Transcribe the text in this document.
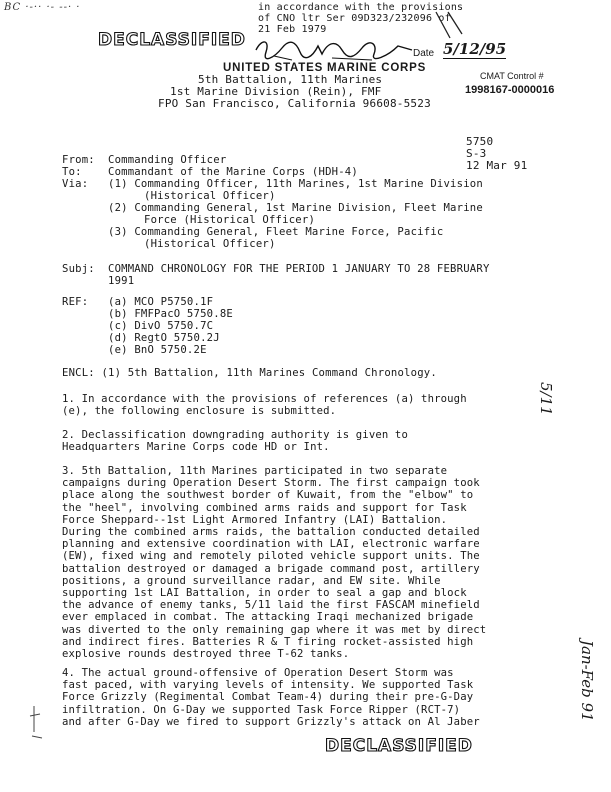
BC ·-·· ·- --· ·	in accordance with the provisions
of CNO ltr Ser 09D323/232096 of
21 Feb 1979
Date 5/12/95
DECLASSIFIED
UNITED STATES MARINE CORPS
5th Battalion, 11th Marines
1st Marine Division (Rein), FMF
FPO San Francisco, California 96608-5523
CMAT Control #
1998167-0000016
5750
S-3
12 Mar 91
From: Commanding Officer
To: Commandant of the Marine Corps (HDH-4)
Via: (1) Commanding Officer, 11th Marines, 1st Marine Division
(Historical Officer)
(2) Commanding General, 1st Marine Division, Fleet Marine
Force (Historical Officer)
(3) Commanding General, Fleet Marine Force, Pacific
(Historical Officer)
Subj: COMMAND CHRONOLOGY FOR THE PERIOD 1 JANUARY TO 28 FEBRUARY
1991
REF: (a) MCO P5750.1F
(b) FMFPacO 5750.8E
(c) DivO 5750.7C
(d) RegtO 5750.2J
(e) BnO 5750.2E
ENCL: (1) 5th Battalion, 11th Marines Command Chronology.
1. In accordance with the provisions of references (a) through
(e), the following enclosure is submitted.
2. Declassification downgrading authority is given to
Headquarters Marine Corps code HD or Int.
3. 5th Battalion, 11th Marines participated in two separate
campaigns during Operation Desert Storm. The first campaign took
place along the southwest border of Kuwait, from the "elbow" to
the "heel", involving combined arms raids and support for Task
Force Sheppard--1st Light Armored Infantry (LAI) Battalion.
During the combined arms raids, the battalion conducted detailed
planning and extensive coordination with LAI, electronic warfare
(EW), fixed wing and remotely piloted vehicle support units. The
battalion destroyed or damaged a brigade command post, artillery
positions, a ground surveillance radar, and EW site. While
supporting 1st LAI Battalion, in order to seal a gap and block
the advance of enemy tanks, 5/11 laid the first FASCAM minefield
ever emplaced in combat. The attacking Iraqi mechanized brigade
was diverted to the only remaining gap where it was met by direct
and indirect fires. Batteries R & T firing rocket-assisted high
explosive rounds destroyed three T-62 tanks.
4. The actual ground-offensive of Operation Desert Storm was
fast paced, with varying levels of intensity. We supported Task
Force Grizzly (Regimental Combat Team-4) during their pre-G-Day
infiltration. On G-Day we supported Task Force Ripper (RCT-7)
and after G-Day we fired to support Grizzly's attack on Al Jaber
DECLASSIFIED
5/11
Jan-Feb 91
